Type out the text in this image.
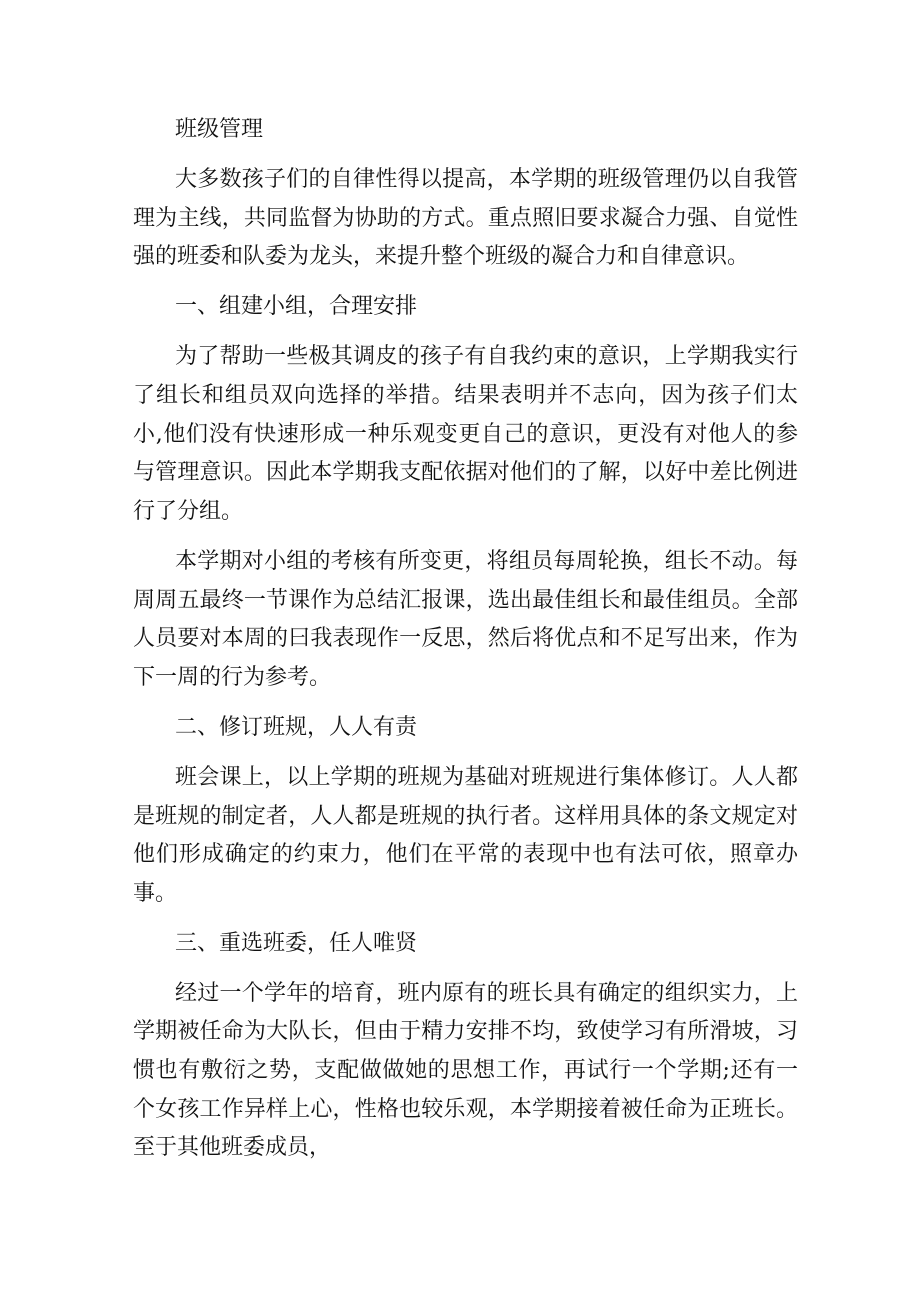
班级管理

大多数孩子们的自律性得以提高，本学期的班级管理仍以自我管理为主线，共同监督为协助的方式。重点照旧要求凝合力强、自觉性强的班委和队委为龙头，来提升整个班级的凝合力和自律意识。

一、组建小组，合理安排

为了帮助一些极其调皮的孩子有自我约束的意识，上学期我实行了组长和组员双向选择的举措。结果表明并不志向，因为孩子们太小,他们没有快速形成一种乐观变更自己的意识，更没有对他人的参与管理意识。因此本学期我支配依据对他们的了解，以好中差比例进行了分组。

本学期对小组的考核有所变更，将组员每周轮换，组长不动。每周周五最终一节课作为总结汇报课，选出最佳组长和最佳组员。全部人员要对本周的曰我表现作一反思，然后将优点和不足写出来，作为下一周的行为参考。

二、修订班规，人人有责

班会课上，以上学期的班规为基础对班规进行集体修订。人人都是班规的制定者，人人都是班规的执行者。这样用具体的条文规定对他们形成确定的约束力，他们在平常的表现中也有法可依，照章办事。

三、重选班委，任人唯贤

经过一个学年的培育，班内原有的班长具有确定的组织实力，上学期被任命为大队长，但由于精力安排不均，致使学习有所滑坡，习惯也有敷衍之势，支配做做她的思想工作，再试行一个学期;还有一个女孩工作异样上心，性格也较乐观，本学期接着被任命为正班长。至于其他班委成员，
